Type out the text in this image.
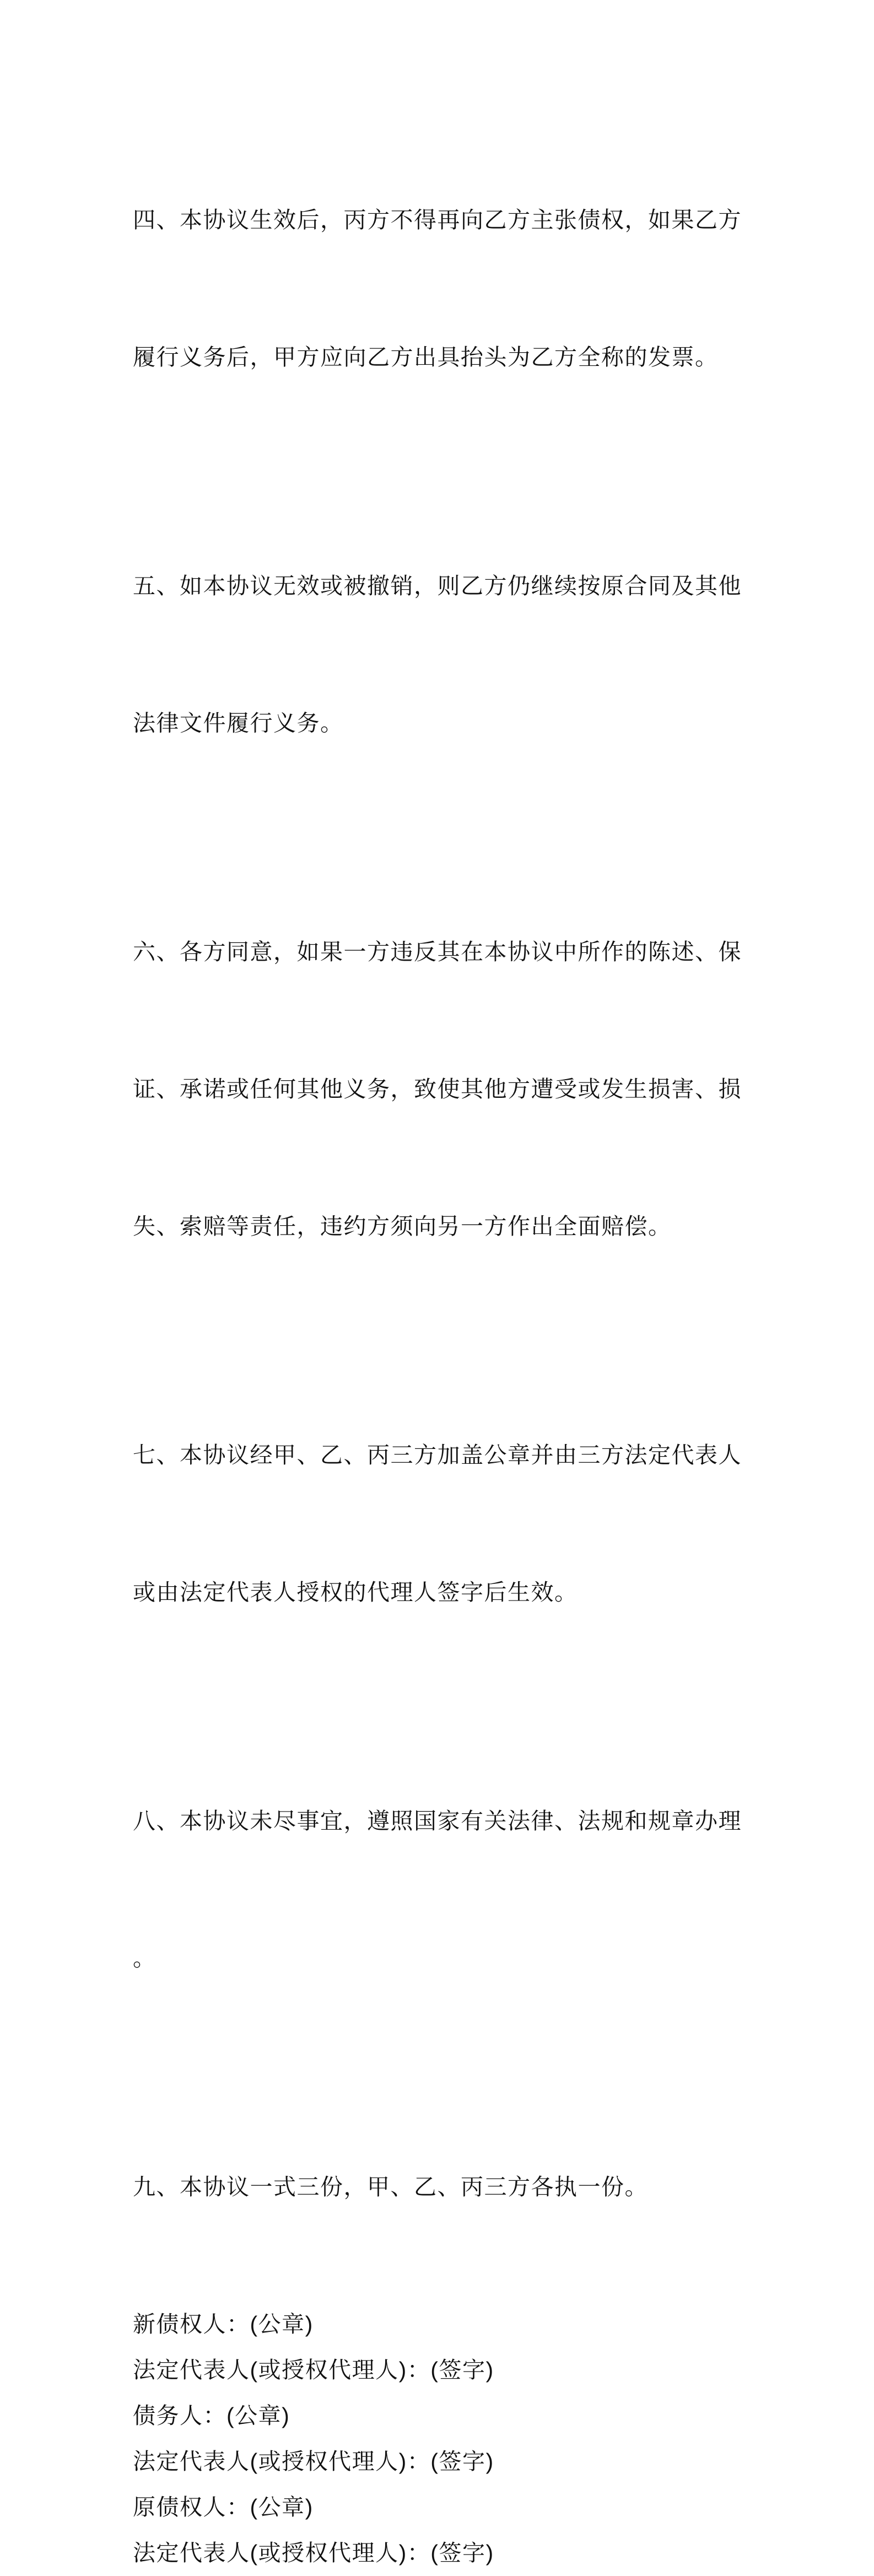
四、本协议生效后，丙方不得再向乙方主张债权，如果乙方

履行义务后，甲方应向乙方出具抬头为乙方全称的发票。

五、如本协议无效或被撤销，则乙方仍继续按原合同及其他

法律文件履行义务。

六、各方同意，如果一方违反其在本协议中所作的陈述、保

证、承诺或任何其他义务，致使其他方遭受或发生损害、损

失、索赔等责任，违约方须向另一方作出全面赔偿。

七、本协议经甲、乙、丙三方加盖公章并由三方法定代表人

或由法定代表人授权的代理人签字后生效。

八、本协议未尽事宜，遵照国家有关法律、法规和规章办理

。

九、本协议一式三份，甲、乙、丙三方各执一份。

新债权人：(公章)
法定代表人(或授权代理人)：(签字)
债务人：(公章)
法定代表人(或授权代理人)：(签字)
原债权人：(公章)
法定代表人(或授权代理人)：(签字)
